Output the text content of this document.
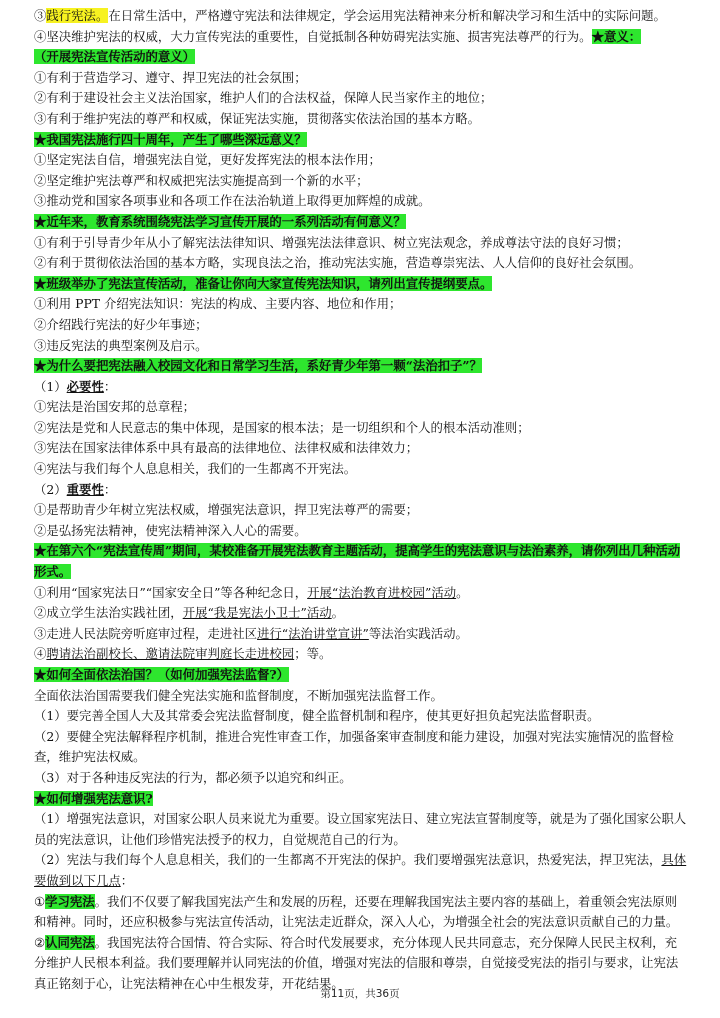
③践行宪法。在日常生活中，严格遵守宪法和法律规定，学会运用宪法精神来分析和解决学习和生活中的实际问题。
④坚决维护宪法的权威，大力宣传宪法的重要性，自觉抵制各种妨碍宪法实施、损害宪法尊严的行为。★意义：
（开展宪法宣传活动的意义）
①有利于营造学习、遵守、捍卫宪法的社会氛围；
②有利于建设社会主义法治国家，维护人们的合法权益，保障人民当家作主的地位；
③有利于维护宪法的尊严和权威，保证宪法实施，贯彻落实依法治国的基本方略。
★我国宪法施行四十周年，产生了哪些深远意义？
①坚定宪法自信，增强宪法自觉，更好发挥宪法的根本法作用；
②坚定维护宪法尊严和权威把宪法实施提高到一个新的水平；
③推动党和国家各项事业和各项工作在法治轨道上取得更加辉煌的成就。
★近年来，教育系统围绕宪法学习宣传开展的一系列活动有何意义？
①有利于引导青少年从小了解宪法法律知识、增强宪法法律意识、树立宪法观念，养成尊法守法的良好习惯；
②有利于贯彻依法治国的基本方略，实现良法之治，推动宪法实施，营造尊崇宪法、人人信仰的良好社会氛围。
★班级举办了宪法宣传活动，准备让你向大家宣传宪法知识，请列出宣传提纲要点。
①利用 PPT 介绍宪法知识：宪法的构成、主要内容、地位和作用；
②介绍践行宪法的好少年事迹；
③违反宪法的典型案例及启示。
★为什么要把宪法融入校园文化和日常学习生活，系好青少年第一颗“法治扣子”？
（1）必要性：
①宪法是治国安邦的总章程；
②宪法是党和人民意志的集中体现，是国家的根本法；是一切组织和个人的根本活动准则；
③宪法在国家法律体系中具有最高的法律地位、法律权威和法律效力；
④宪法与我们每个人息息相关，我们的一生都离不开宪法。
（2）重要性：
①是帮助青少年树立宪法权威，增强宪法意识，捍卫宪法尊严的需要；
②是弘扬宪法精神，使宪法精神深入人心的需要。
★在第六个“宪法宣传周”期间，某校准备开展宪法教育主题活动，提高学生的宪法意识与法治素养，请你列出几种活动形式。
①利用“国家宪法日”“国家安全日”等各种纪念日，开展“法治教育进校园”活动。
②成立学生法治实践社团，开展“我是宪法小卫士”活动。
③走进人民法院旁听庭审过程，走进社区进行“法治讲堂宣讲”等法治实践活动。
④聘请法治副校长、邀请法院审判庭长走进校园；等。
★如何全面依法治国？（如何加强宪法监督?）
全面依法治国需要我们健全宪法实施和监督制度，不断加强宪法监督工作。
（1）要完善全国人大及其常委会宪法监督制度，健全监督机制和程序，使其更好担负起宪法监督职责。
（2）要健全宪法解释程序机制，推进合宪性审查工作，加强备案审查制度和能力建设，加强对宪法实施情况的监督检查，维护宪法权威。
（3）对于各种违反宪法的行为，都必须予以追究和纠正。
★如何增强宪法意识?
（1）增强宪法意识，对国家公职人员来说尤为重要。设立国家宪法日、建立宪法宣誓制度等，就是为了强化国家公职人员的宪法意识，让他们珍惜宪法授予的权力，自觉规范自己的行为。
（2）宪法与我们每个人息息相关，我们的一生都离不开宪法的保护。我们要增强宪法意识，热爱宪法，捍卫宪法，具体要做到以下几点：
①学习宪法。我们不仅要了解我国宪法产生和发展的历程，还要在理解我国宪法主要内容的基础上，着重领会宪法原则和精神。同时，还应积极参与宪法宣传活动，让宪法走近群众，深入人心，为增强全社会的宪法意识贡献自己的力量。
②认同宪法。我国宪法符合国情、符合实际、符合时代发展要求，充分体现人民共同意志，充分保障人民民主权利，充分维护人民根本利益。我们要理解并认同宪法的价值，增强对宪法的信服和尊崇，自觉接受宪法的指引与要求，让宪法真正铭刻于心，让宪法精神在心中生根发芽，开花结果。
第11页，共36页
